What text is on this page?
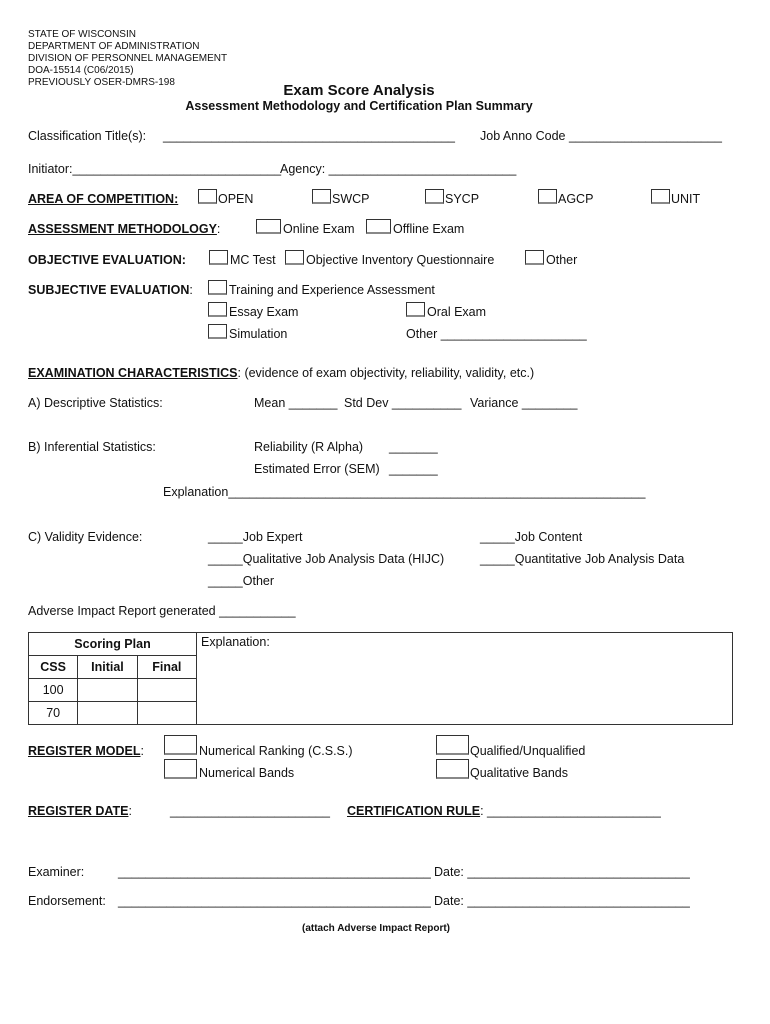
STATE OF WISCONSIN
DEPARTMENT OF ADMINISTRATION
DIVISION OF PERSONNEL MANAGEMENT
DOA-15514 (C06/2015)
PREVIOUSLY OSER-DMRS-198	Exam Score Analysis
Assessment Methodology and Certification Plan Summary
Classification Title(s): __________________________________________ Job Anno Code ______________________
Initiator:______________________________
Agency: ___________________________
AREA OF COMPETITION:	OPEN	SWCP	SYCP	AGCP	UNIT
ASSESSMENT METHODOLOGY:	Online Exam	Offline Exam
OBJECTIVE EVALUATION:	MC Test Objective Inventory Questionnaire	Other
SUBJECTIVE EVALUATION:	Training and Experience Assessment
Essay Exam	Oral Exam
Simulation	Other _____________________
EXAMINATION CHARACTERISTICS: (evidence of exam objectivity, reliability, validity, etc.)
A) Descriptive Statistics:	Mean _______ Std Dev __________ Variance ________
B) Inferential Statistics:	Reliability (R Alpha) _______
Estimated Error (SEM) _______
Explanation____________________________________________________________
C) Validity Evidence:	_____Job Expert	_____Job Content
_____Qualitative Job Analysis Data (HIJC)	_____Quantitative Job Analysis Data
_____Other
Adverse Impact Report generated ___________
Scoring Plan			Explanation:
CSS	Initial	Final	
100			
70			
REGISTER MODEL:	Numerical Ranking (C.S.S.)	Qualified/Unqualified
Numerical Bands	Qualitative Bands
REGISTER DATE:	_______________________ CERTIFICATION RULE: _________________________
Examiner:	_____________________________________________ Date: ________________________________
Endorsement: _____________________________________________ Date: ________________________________
(attach Adverse Impact Report)
